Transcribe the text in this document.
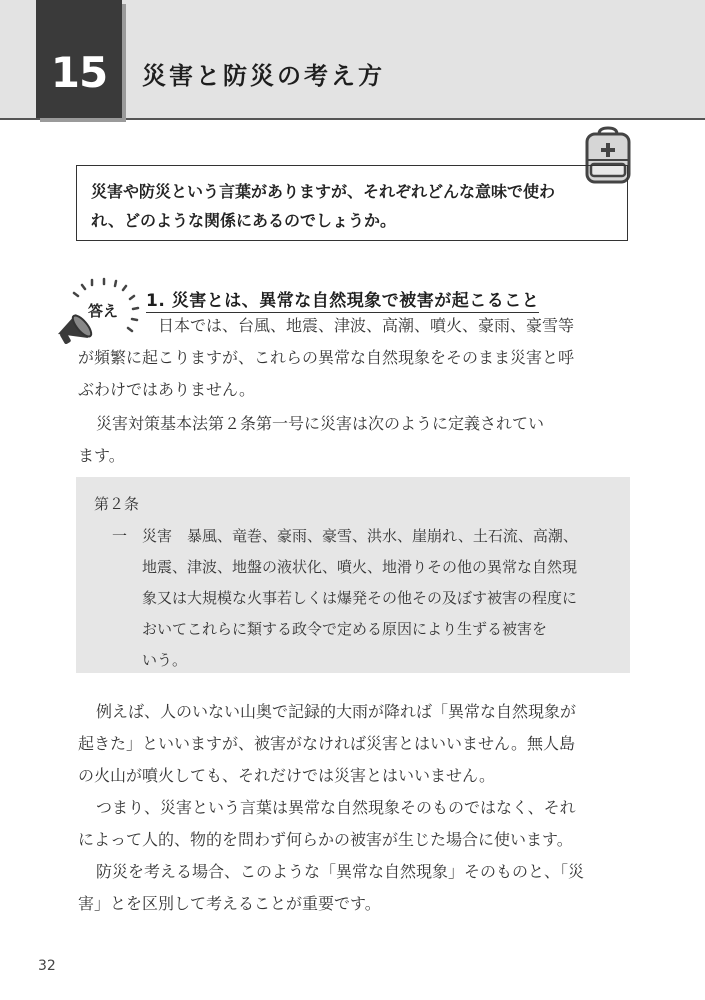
15 災害と防災の考え方
災害や防災という言葉がありますが、それぞれどんな意味で使わ
れ、どのような関係にあるのでしょうか。
答え 1. 災害とは、異常な自然現象で被害が起こること

日本では、台風、地震、津波、高潮、噴火、豪雨、豪雪等
が頻繁に起こりますが、これらの異常な自然現象をそのまま災害と呼
ぶわけではありません。

災害対策基本法第２条第一号に災害は次のように定義されてい
ます。

第２条
一 災害　暴風、竜巻、豪雨、豪雪、洪水、崖崩れ、土石流、高潮、
地震、津波、地盤の液状化、噴火、地滑りその他の異常な自然現
象又は大規模な火事若しくは爆発その他その及ぼす被害の程度に
おいてこれらに類する政令で定める原因により生ずる被害を
いう。

例えば、人のいない山奥で記録的大雨が降れば「異常な自然現象が
起きた」といいますが、被害がなければ災害とはいいません。無人島
の火山が噴火しても、それだけでは災害とはいいません。

つまり、災害という言葉は異常な自然現象そのものではなく、それ
によって人的、物的を問わず何らかの被害が生じた場合に使います。

防災を考える場合、このような「異常な自然現象」そのものと、「災
害」とを区別して考えることが重要です。

32
